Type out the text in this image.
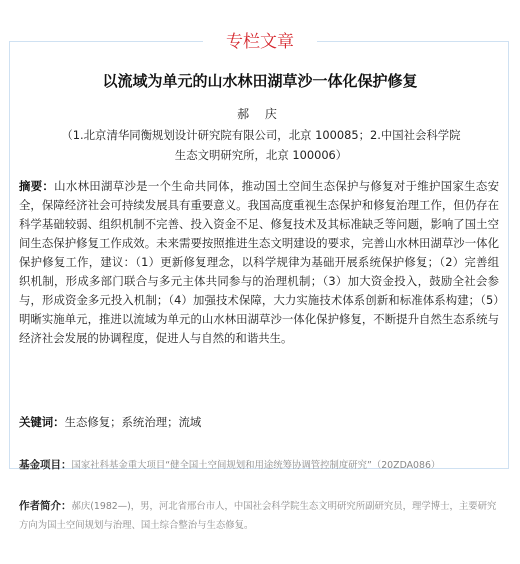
专栏文章
以流域为单元的山水林田湖草沙一体化保护修复
郝 庆
（1.北京清华同衡规划设计研究院有限公司，北京 100085；2.中国社会科学院
生态文明研究所，北京 100006）
摘要：山水林田湖草沙是一个生命共同体，推动国土空间生态保护与修复对于维护国家生态安全，保障经济社会可持续发展具有重要意义。我国高度重视生态保护和修复治理工作，但仍存在科学基础较弱、组织机制不完善、投入资金不足、修复技术及其标准缺乏等问题，影响了国土空间生态保护修复工作成效。未来需要按照推进生态文明建设的要求，完善山水林田湖草沙一体化保护修复工作，建议：（1）更新修复理念，以科学规律为基础开展系统保护修复；（2）完善组织机制，形成多部门联合与多元主体共同参与的治理机制；（3）加大资金投入，鼓励全社会参与，形成资金多元投入机制；（4）加强技术保障，大力实施技术体系创新和标准体系构建；（5）明晰实施单元，推进以流域为单元的山水林田湖草沙一体化保护修复，不断提升自然生态系统与经济社会发展的协调程度，促进人与自然的和谐共生。
关键词：生态修复；系统治理；流域
基金项目：国家社科基金重大项目“健全国土空间规划和用途统筹协调管控制度研究”（20ZDA086）
作者简介：郝庆(1982—)，男，河北省邢台市人，中国社会科学院生态文明研究所副研究员，理学博士，主要研究方向为国土空间规划与治理、国土综合整治与生态修复。
